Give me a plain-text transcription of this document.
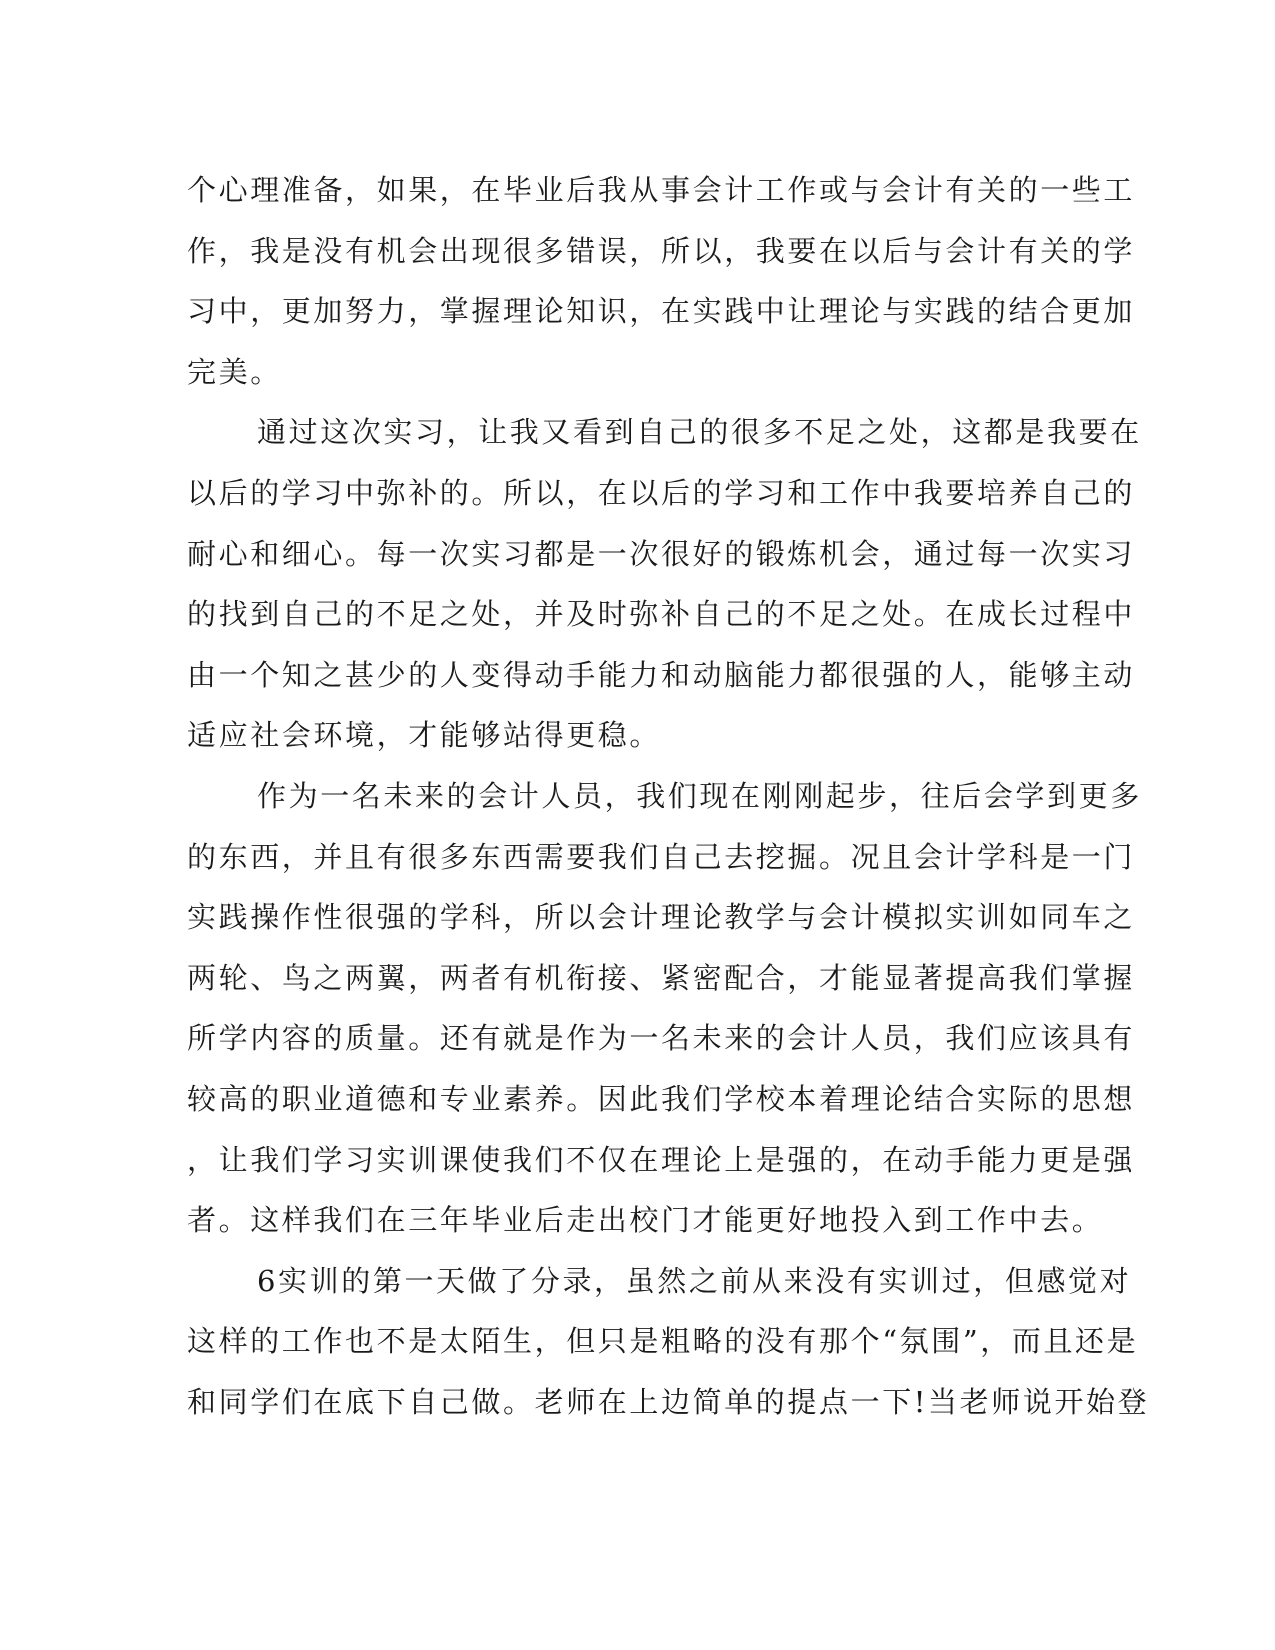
个心理准备，如果，在毕业后我从事会计工作或与会计有关的一些工

作，我是没有机会出现很多错误，所以，我要在以后与会计有关的学

习中，更加努力，掌握理论知识，在实践中让理论与实践的结合更加

完美。

通过这次实习，让我又看到自己的很多不足之处，这都是我要在

以后的学习中弥补的。所以，在以后的学习和工作中我要培养自己的

耐心和细心。每一次实习都是一次很好的锻炼机会，通过每一次实习

的找到自己的不足之处，并及时弥补自己的不足之处。在成长过程中

由一个知之甚少的人变得动手能力和动脑能力都很强的人，能够主动

适应社会环境，才能够站得更稳。

作为一名未来的会计人员，我们现在刚刚起步，往后会学到更多

的东西，并且有很多东西需要我们自己去挖掘。况且会计学科是一门

实践操作性很强的学科，所以会计理论教学与会计模拟实训如同车之

两轮、鸟之两翼，两者有机衔接、紧密配合，才能显著提高我们掌握

所学内容的质量。还有就是作为一名未来的会计人员，我们应该具有

较高的职业道德和专业素养。因此我们学校本着理论结合实际的思想

，让我们学习实训课使我们不仅在理论上是强的，在动手能力更是强

者。这样我们在三年毕业后走出校门才能更好地投入到工作中去。

6实训的第一天做了分录，虽然之前从来没有实训过，但感觉对

这样的工作也不是太陌生，但只是粗略的没有那个“氛围”，而且还是

和同学们在底下自己做。老师在上边简单的提点一下!当老师说开始登
